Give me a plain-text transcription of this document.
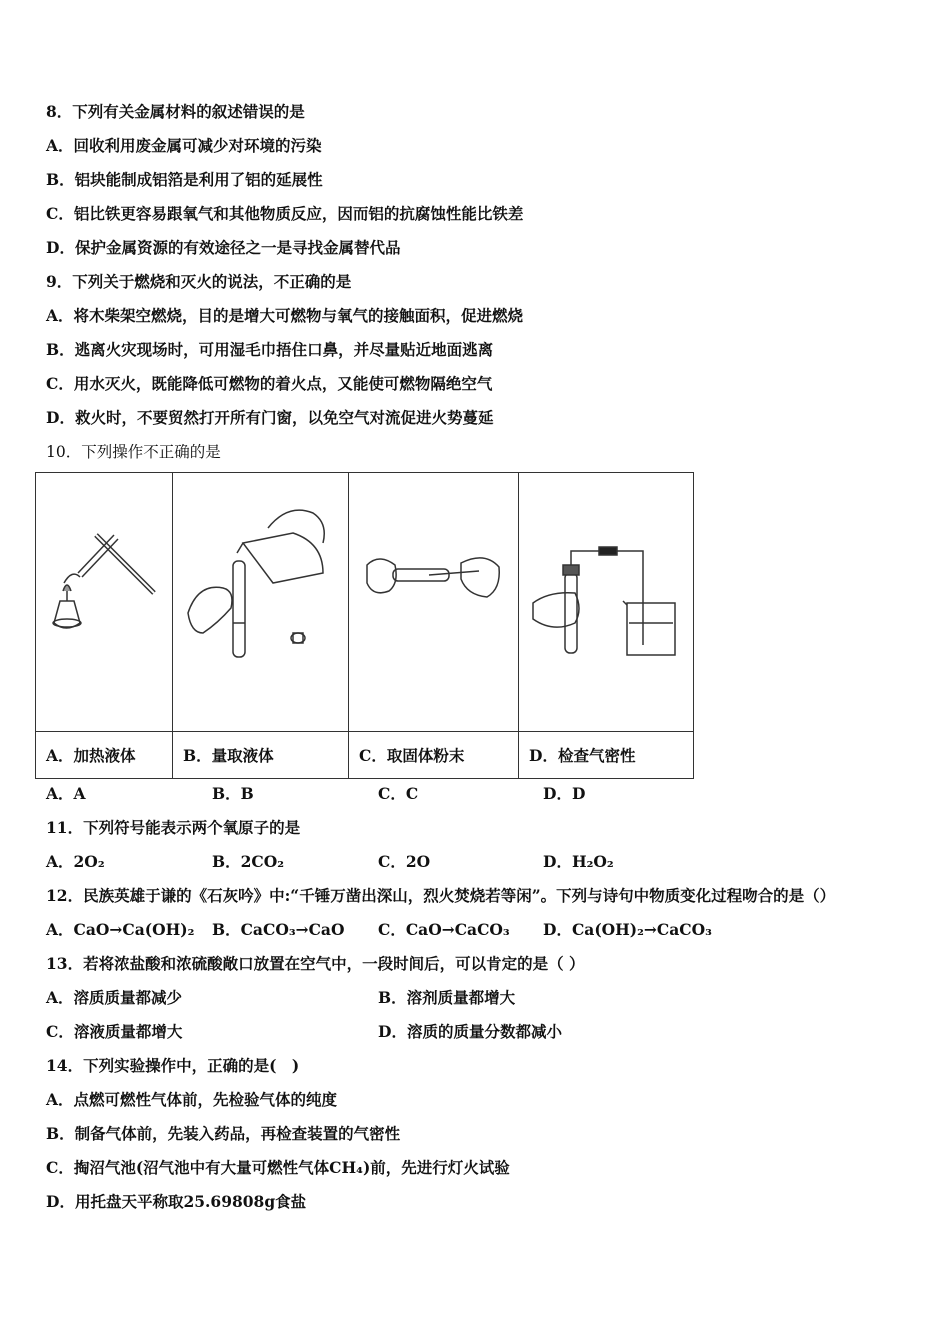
8．下列有关金属材料的叙述错误的是
A．回收利用废金属可减少对环境的污染
B．铝块能制成铝箔是利用了铝的延展性
C．铝比铁更容易跟氧气和其他物质反应，因而铝的抗腐蚀性能比铁差
D．保护金属资源的有效途径之一是寻找金属替代品
9．下列关于燃烧和灭火的说法，不正确的是
A．将木柴架空燃烧，目的是增大可燃物与氧气的接触面积，促进燃烧
B．逃离火灾现场时，可用湿毛巾捂住口鼻，并尽量贴近地面逃离
C．用水灭火，既能降低可燃物的着火点，又能使可燃物隔绝空气
D．救火时，不要贸然打开所有门窗，以免空气对流促进火势蔓延
10．下列操作不正确的是

A．加热液体	B．量取液体	C．取固体粉末	D．检查气密性
A．A	B．B	C．C	D．D
11．下列符号能表示两个氧原子的是
A．2O₂	B．2CO₂	C．2O	D．H₂O₂
12．民族英雄于谦的《石灰吟》中:“千锤万凿出深山，烈火焚烧若等闲”。下列与诗句中物质变化过程吻合的是（）
A．CaO→Ca(OH)₂ B．CaCO₃→CaO C．CaO→CaCO₃ D．Ca(OH)₂→CaCO₃
13．若将浓盐酸和浓硫酸敞口放置在空气中，一段时间后，可以肯定的是（ ）
A．溶质质量都减少	B．溶剂质量都增大
C．溶液质量都增大	D．溶质的质量分数都减小
14．下列实验操作中，正确的是(　)
A．点燃可燃性气体前，先检验气体的纯度
B．制备气体前，先装入药品，再检查装置的气密性
C．掏沼气池(沼气池中有大量可燃性气体CH₄)前，先进行灯火试验
D．用托盘天平称取25.69808g食盐
